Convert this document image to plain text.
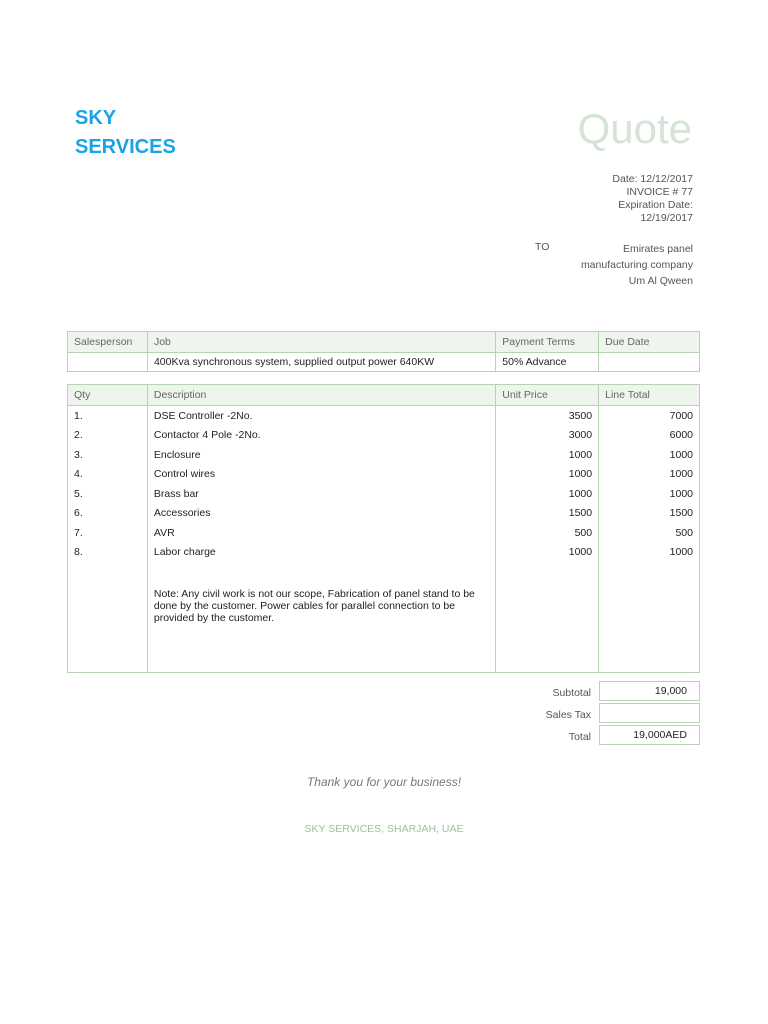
SKY
SERVICES	Quote
Date: 12/12/2017
INVOICE # 77
Expiration Date:
12/19/2017
TO	Emirates panel
manufacturing company
Um Al Qween
Salesperson	Job	Payment Terms	Due Date
	400Kva synchronous system, supplied output power 640KW	50% Advance	
Qty	Description	Unit Price	Line Total
1.	DSE Controller -2No.	3500	7000
2.	Contactor 4 Pole -2No.	3000	6000
3.	Enclosure	1000	1000
4.	Control wires	1000	1000
5.	Brass bar	1000	1000
6.	Accessories	1500	1500
7.	AVR	500	500
8.	Labor charge	1000	1000

	Note: Any civil work is not our scope, Fabrication of panel stand to be done by the customer. Power cables for parallel connection to be provided by the customer.		
Subtotal	19,000
Sales Tax
Total	19,000AED
Thank you for your business!
SKY SERVICES, SHARJAH, UAE
